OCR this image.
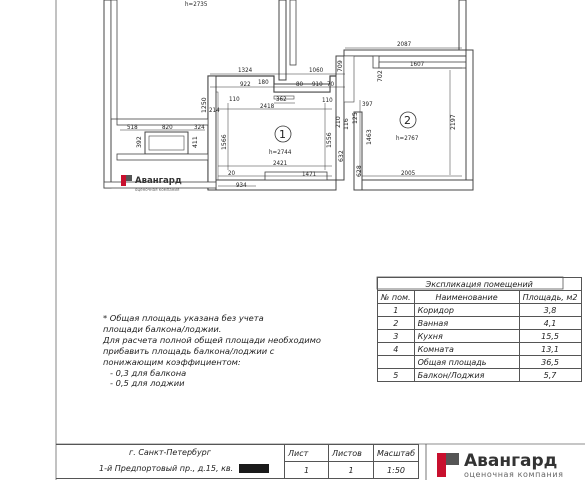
h=2735
2087
1607
1324	1060
922 180	80 910 70
709
702
362
2418
110	110
397
1250 214
210 116
125	2197
518	820	324
392	411	1566	1556	1463
632
628
2421
20	1471	2005
934
1
h=2744
2
h=2767
Авангард
оценочная компания

* Общая площадь указана без учета

площади балкона/лоджии.

Для расчета полной общей площади необходимо

прибавить площадь балкона/лоджии с

понижающим коэффициентом:

- 0,3 для балкона

- 0,5 для лоджии

Экспликация помещений		
№ пом.	Наименование	Площадь, м2
1	Коридор	3,8
2	Ванная	4,1
3	Кухня	15,5
4	Комната	13,1
	Общая площадь	36,5
5	Балкон/Лоджия	5,7
г. Санкт-Петербург
1-й Предпортовый пр., д.15, кв.	Лист	Листов	Масштаб
	1	1	1:50	Авангард
оценочная компания
